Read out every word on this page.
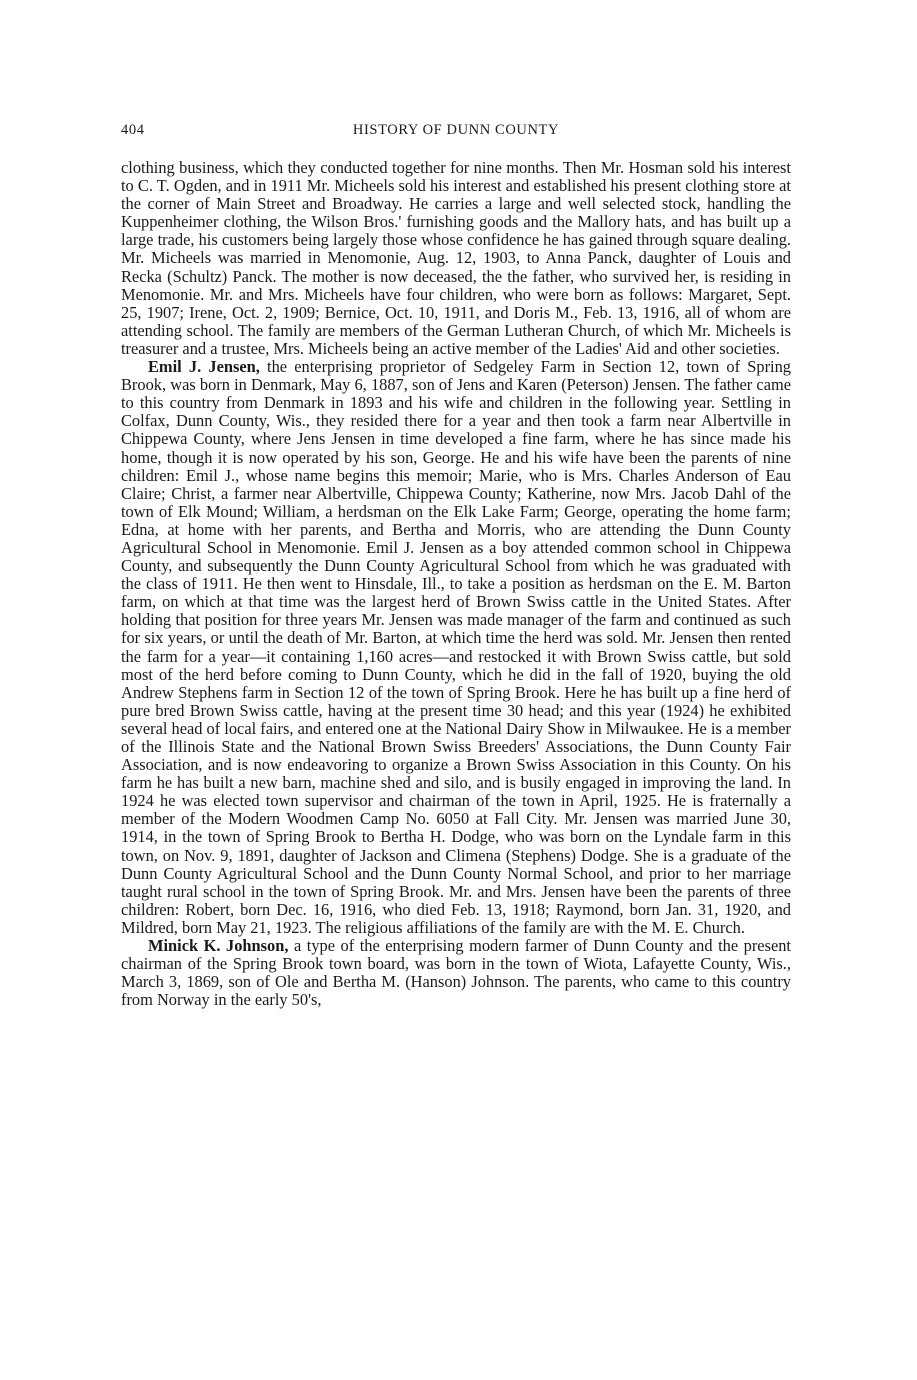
404	HISTORY OF DUNN COUNTY

clothing business, which they conducted together for nine months. Then Mr. Hosman sold his interest to C. T. Ogden, and in 1911 Mr. Micheels sold his interest and established his present clothing store at the corner of Main Street and Broadway. He carries a large and well selected stock, handling the Kuppenheimer clothing, the Wilson Bros.' furnishing goods and the Mallory hats, and has built up a large trade, his customers being largely those whose confidence he has gained through square dealing. Mr. Micheels was married in Menomonie, Aug. 12, 1903, to Anna Panck, daughter of Louis and Recka (Schultz) Panck. The mother is now deceased, the the father, who survived her, is residing in Menomonie. Mr. and Mrs. Micheels have four children, who were born as follows: Margaret, Sept. 25, 1907; Irene, Oct. 2, 1909; Bernice, Oct. 10, 1911, and Doris M., Feb. 13, 1916, all of whom are attending school. The family are members of the German Lutheran Church, of which Mr. Micheels is treasurer and a trustee, Mrs. Micheels being an active member of the Ladies' Aid and other societies.

Emil J. Jensen, the enterprising proprietor of Sedgeley Farm in Section 12, town of Spring Brook, was born in Denmark, May 6, 1887, son of Jens and Karen (Peterson) Jensen. The father came to this country from Denmark in 1893 and his wife and children in the following year. Settling in Colfax, Dunn County, Wis., they resided there for a year and then took a farm near Albertville in Chippewa County, where Jens Jensen in time developed a fine farm, where he has since made his home, though it is now operated by his son, George. He and his wife have been the parents of nine children: Emil J., whose name begins this memoir; Marie, who is Mrs. Charles Anderson of Eau Claire; Christ, a farmer near Albertville, Chippewa County; Katherine, now Mrs. Jacob Dahl of the town of Elk Mound; William, a herdsman on the Elk Lake Farm; George, operating the home farm; Edna, at home with her parents, and Bertha and Morris, who are attending the Dunn County Agricultural School in Menomonie. Emil J. Jensen as a boy attended common school in Chippewa County, and subsequently the Dunn County Agricultural School from which he was graduated with the class of 1911. He then went to Hinsdale, Ill., to take a position as herdsman on the E. M. Barton farm, on which at that time was the largest herd of Brown Swiss cattle in the United States. After holding that position for three years Mr. Jensen was made manager of the farm and continued as such for six years, or until the death of Mr. Barton, at which time the herd was sold. Mr. Jensen then rented the farm for a year—it containing 1,160 acres—and restocked it with Brown Swiss cattle, but sold most of the herd before coming to Dunn County, which he did in the fall of 1920, buying the old Andrew Stephens farm in Section 12 of the town of Spring Brook. Here he has built up a fine herd of pure bred Brown Swiss cattle, having at the present time 30 head; and this year (1924) he exhibited several head of local fairs, and entered one at the National Dairy Show in Milwaukee. He is a member of the Illinois State and the National Brown Swiss Breeders' Associations, the Dunn County Fair Association, and is now endeavoring to organize a Brown Swiss Association in this County. On his farm he has built a new barn, machine shed and silo, and is busily engaged in improving the land. In 1924 he was elected town supervisor and chairman of the town in April, 1925. He is fraternally a member of the Modern Woodmen Camp No. 6050 at Fall City. Mr. Jensen was married June 30, 1914, in the town of Spring Brook to Bertha H. Dodge, who was born on the Lyndale farm in this town, on Nov. 9, 1891, daughter of Jackson and Climena (Stephens) Dodge. She is a graduate of the Dunn County Agricultural School and the Dunn County Normal School, and prior to her marriage taught rural school in the town of Spring Brook. Mr. and Mrs. Jensen have been the parents of three children: Robert, born Dec. 16, 1916, who died Feb. 13, 1918; Raymond, born Jan. 31, 1920, and Mildred, born May 21, 1923. The religious affiliations of the family are with the M. E. Church.

Minick K. Johnson, a type of the enterprising modern farmer of Dunn County and the present chairman of the Spring Brook town board, was born in the town of Wiota, Lafayette County, Wis., March 3, 1869, son of Ole and Bertha M. (Hanson) Johnson. The parents, who came to this country from Norway in the early 50's,
